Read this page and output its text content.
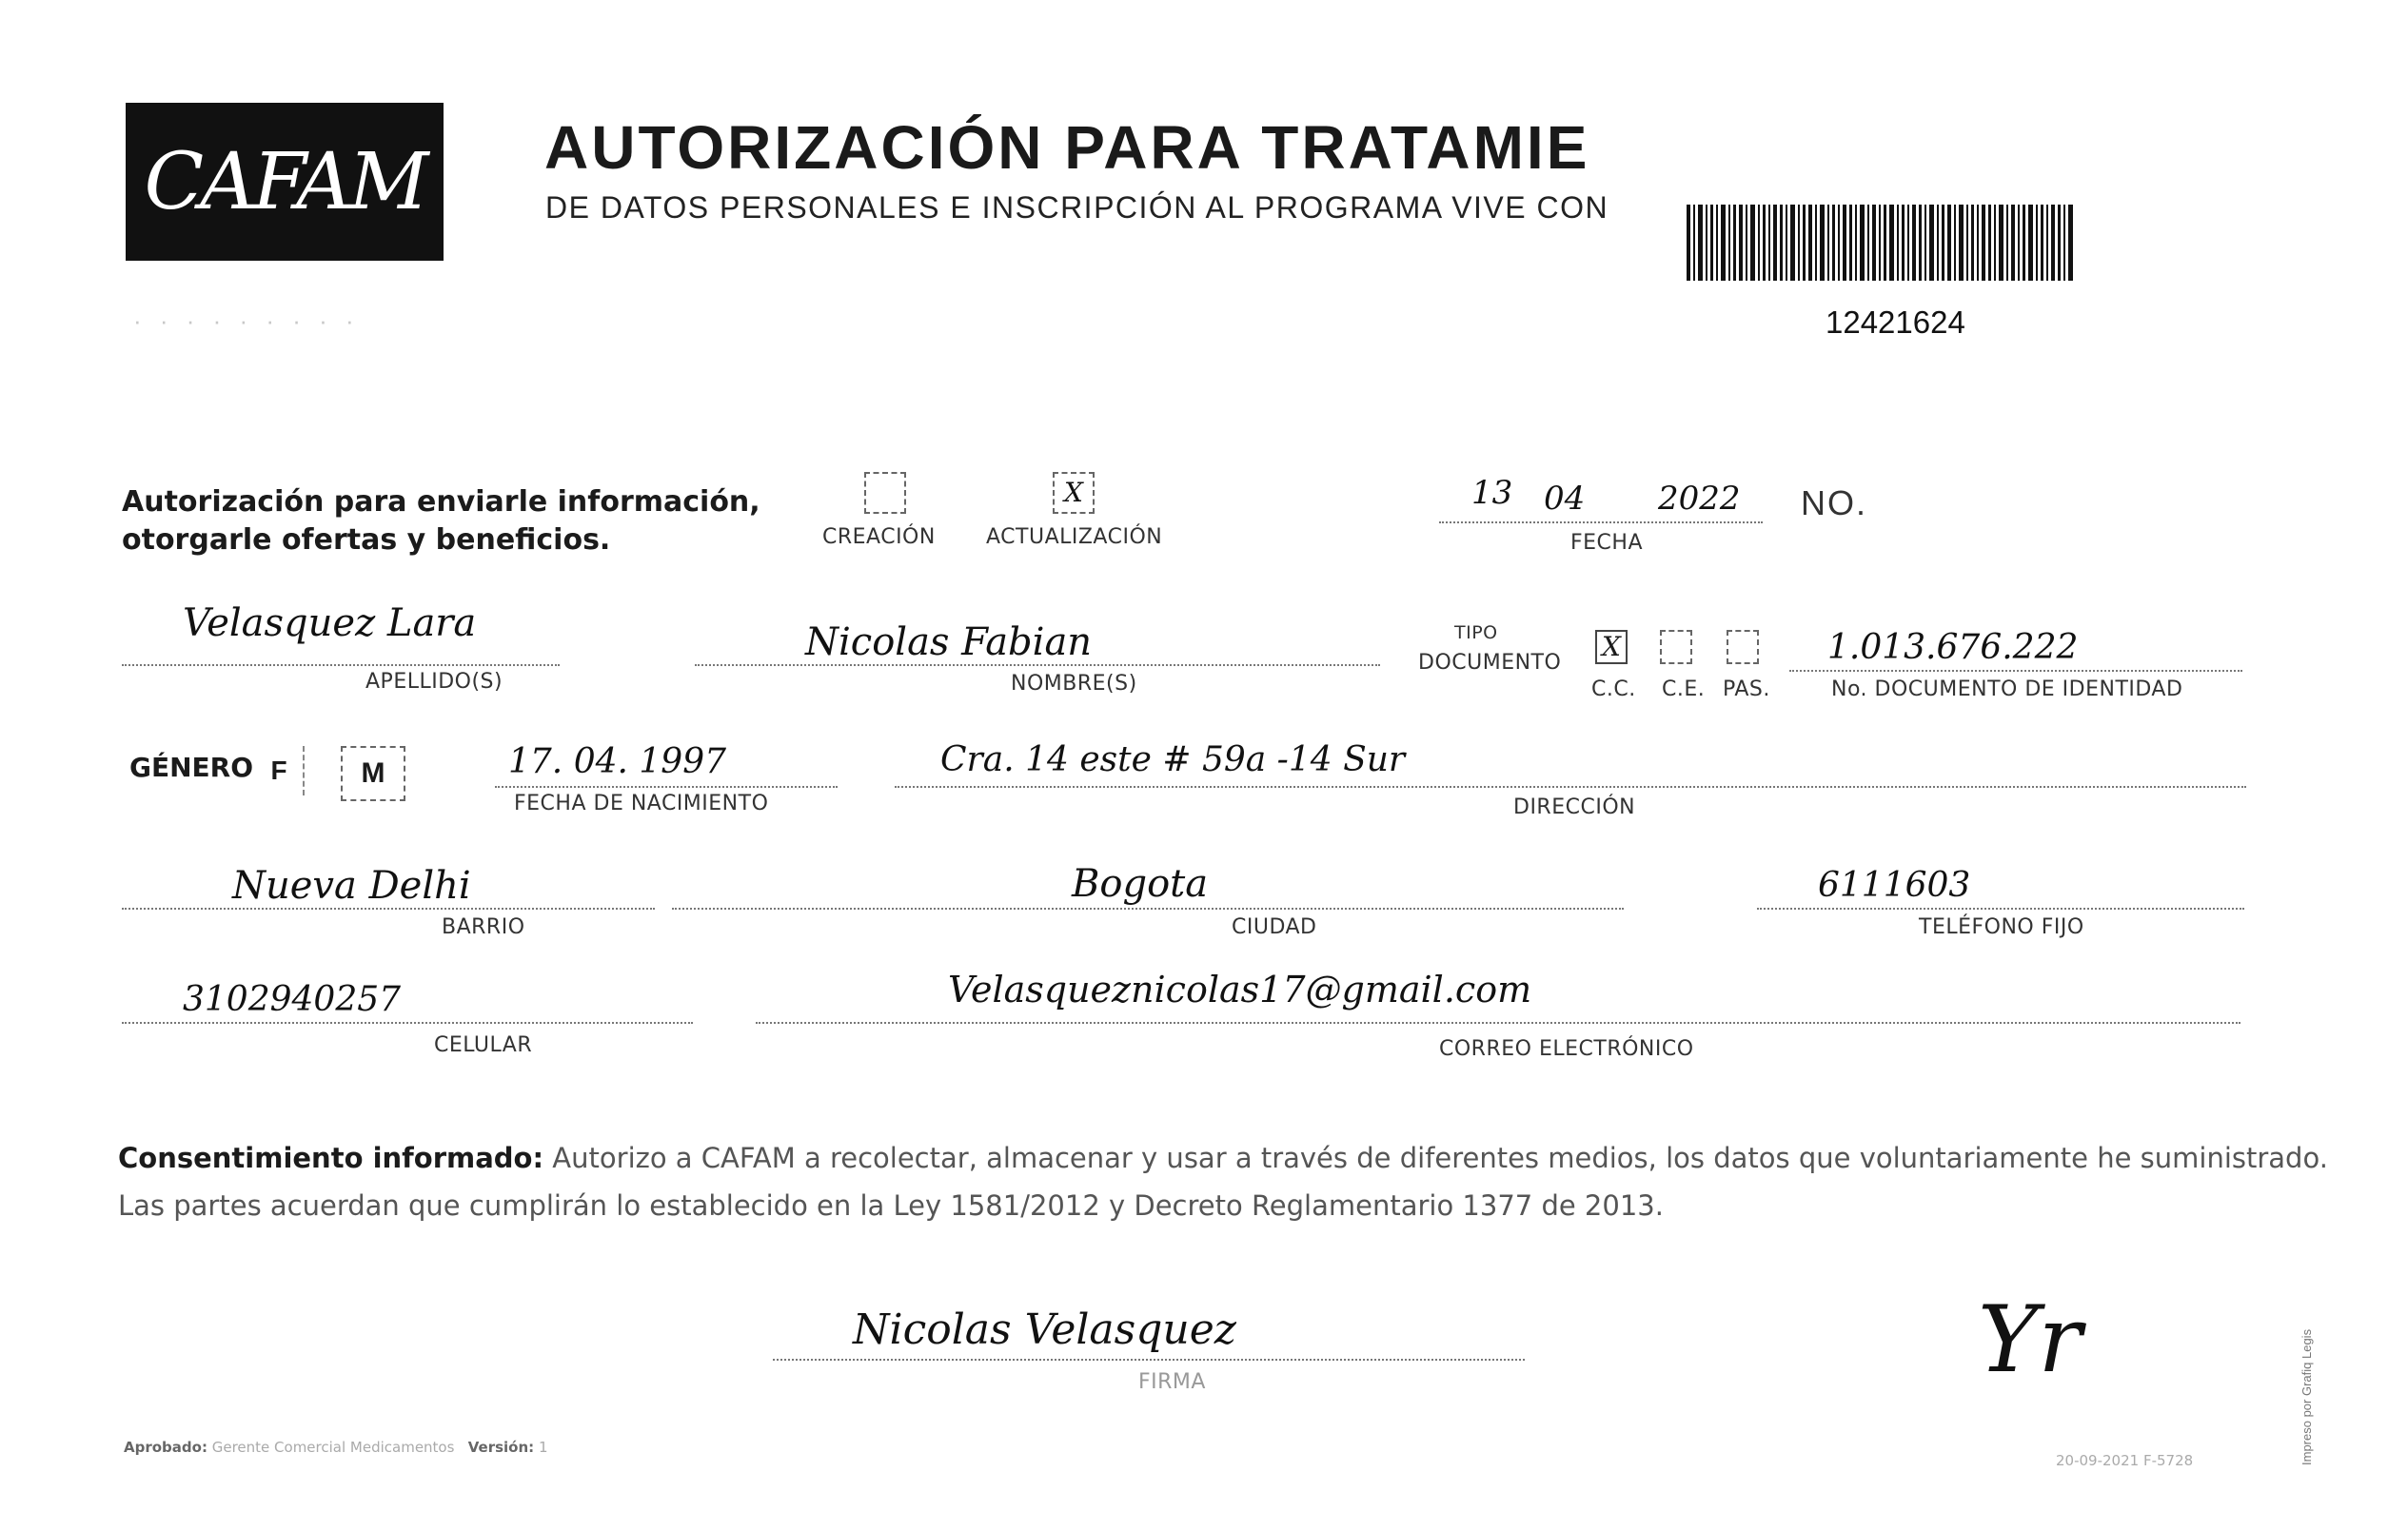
CAFAM	AUTORIZACIÓN PARA TRATAMIE
DE DATOS PERSONALES E INSCRIPCIÓN AL PROGRAMA VIVE CON
12421624
· · · · · · · · ·
Autorización para enviarle información,
otorgarle ofertas y beneficios.	CREACIÓN
X
ACTUALIZACIÓN
13 04 2022
FECHA
NO.
Velasquez Lara
APELLIDO(S)
Nicolas Fabian
NOMBRE(S)
TIPO
DOCUMENTO
X
C.C. C.E. PAS.
1.013.676.222
No. DOCUMENTO DE IDENTIDAD
GÉNERO F	M	17. 04. 1997
FECHA DE NACIMIENTO
Cra. 14 este # 59a -14 Sur
DIRECCIÓN
Nueva Delhi
BARRIO
Bogota
CIUDAD
6111603
TELÉFONO FIJO
3102940257
CELULAR
Velasqueznicolas17@gmail.com
CORREO ELECTRÓNICO
Consentimiento informado: Autorizo a CAFAM a recolectar, almacenar y usar a través de diferentes medios, los datos que voluntariamente he suministrado.
Las partes acuerdan que cumplirán lo establecido en la Ley 1581/2012 y Decreto Reglamentario 1377 de 2013.
Nicolas Velasquez
FIRMA	Yr
Aprobado: Gerente Comercial Medicamentos Versión: 1
20-09-2021 F-5728	Impreso por Grafiq Legis
